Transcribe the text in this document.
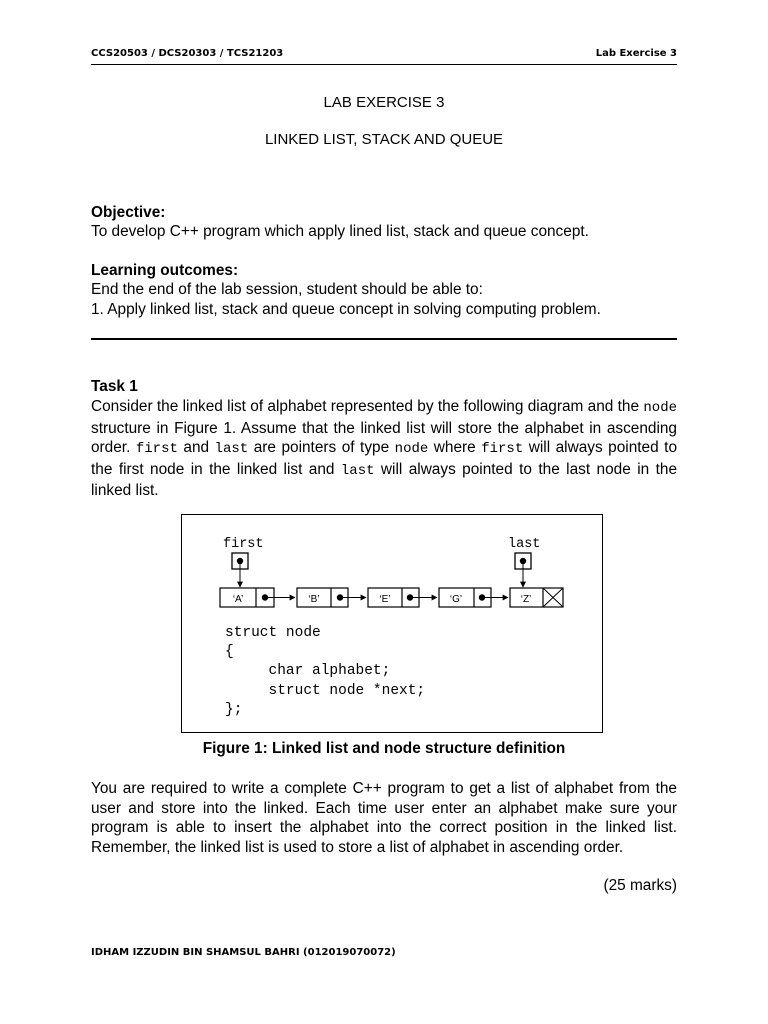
CCS20503 / DCS20303 / TCS21203	Lab Exercise 3
LAB EXERCISE 3
LINKED LIST, STACK AND QUEUE
Objective:
To develop C++ program which apply lined list, stack and queue concept.
Learning outcomes:
End the end of the lab session, student should be able to:
1. Apply linked list, stack and queue concept in solving computing problem.
Task 1
Consider the linked list of alphabet represented by the following diagram and the node structure in Figure 1. Assume that the linked list will store the alphabet in ascending order. first and last are pointers of type node where first will always pointed to the first node in the linked list and last will always pointed to the last node in the linked list.
first	last
‘A’	‘B’	‘E’	‘G’	‘Z’
struct node
{
char alphabet;
struct node *next;
};
Figure 1: Linked list and node structure definition
You are required to write a complete C++ program to get a list of alphabet from the user and store into the linked. Each time user enter an alphabet make sure your program is able to insert the alphabet into the correct position in the linked list. Remember, the linked list is used to store a list of alphabet in ascending order.
(25 marks)
IDHAM IZZUDIN BIN SHAMSUL BAHRI (012019070072)
